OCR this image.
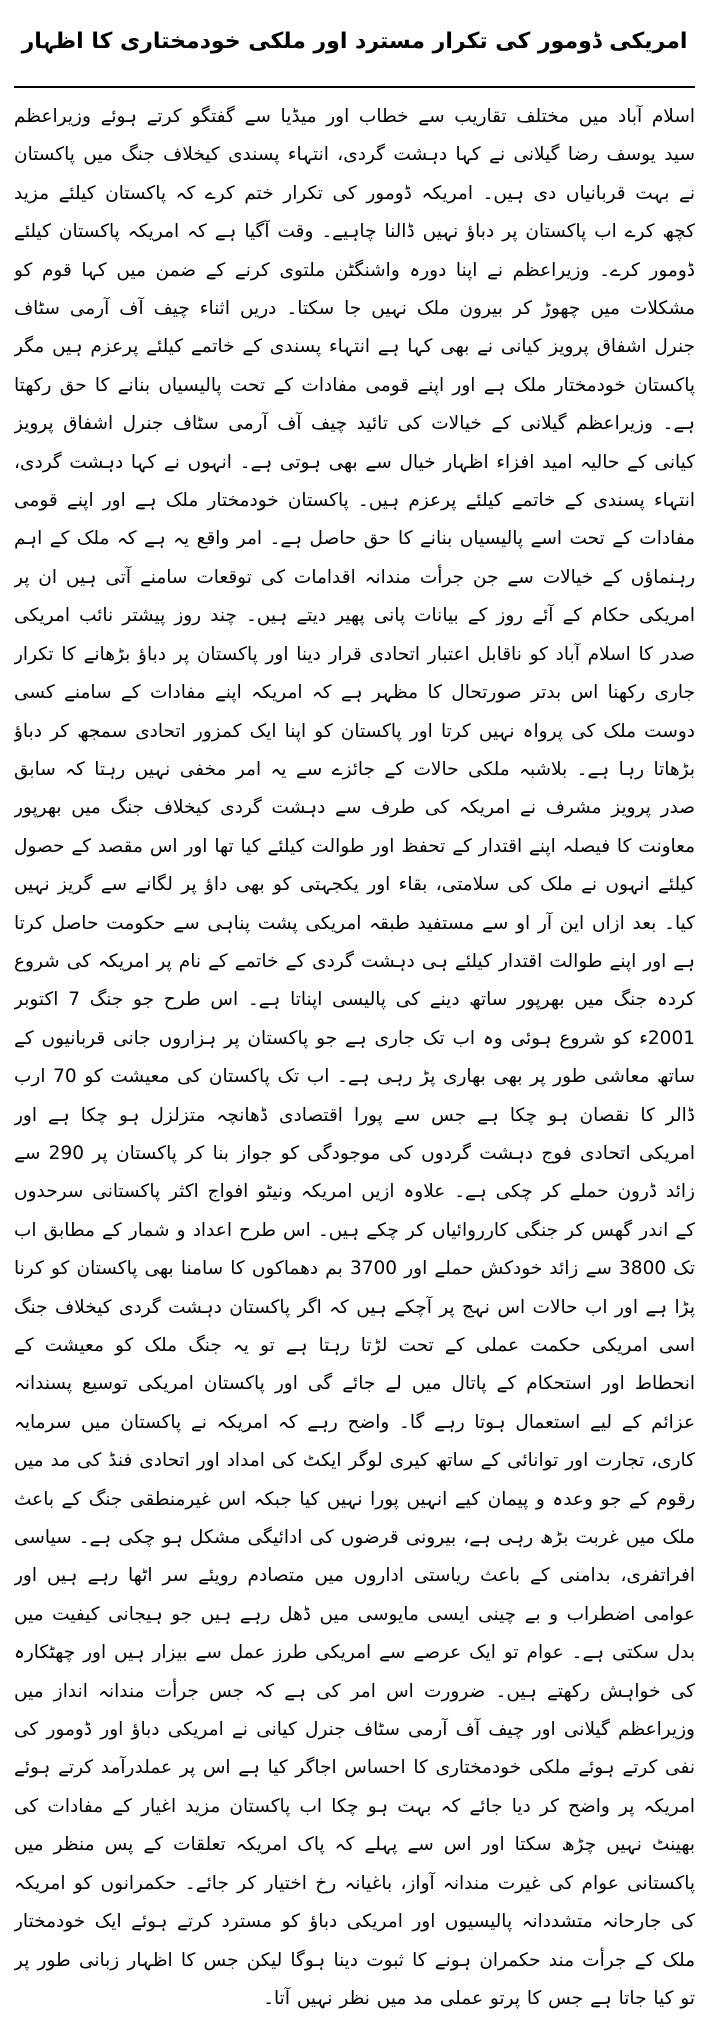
امریکی ڈومور کی تکرار مسترد اور ملکی خودمختاری کا اظہار

اسلام آباد میں مختلف تقاریب سے خطاب اور میڈیا سے گفتگو کرتے ہوئے وزیراعظم سید یوسف رضا گیلانی نے کہا دہشت گردی، انتہاء پسندی کیخلاف جنگ میں پاکستان نے بہت قربانیاں دی ہیں۔ امریکہ ڈومور کی تکرار ختم کرے کہ پاکستان کیلئے مزید کچھ کرے اب پاکستان پر دباؤ نہیں ڈالنا چاہیے۔ وقت آگیا ہے کہ امریکہ پاکستان کیلئے ڈومور کرے۔ وزیراعظم نے اپنا دورہ واشنگٹن ملتوی کرنے کے ضمن میں کہا قوم کو مشکلات میں چھوڑ کر بیرون ملک نہیں جا سکتا۔ دریں اثناء چیف آف آرمی سٹاف جنرل اشفاق پرویز کیانی نے بھی کہا ہے انتہاء پسندی کے خاتمے کیلئے پرعزم ہیں مگر پاکستان خودمختار ملک ہے اور اپنے قومی مفادات کے تحت پالیسیاں بنانے کا حق رکھتا ہے۔ وزیراعظم گیلانی کے خیالات کی تائید چیف آف آرمی سٹاف جنرل اشفاق پرویز کیانی کے حالیہ امید افزاء اظہار خیال سے بھی ہوتی ہے۔ انہوں نے کہا دہشت گردی، انتہاء پسندی کے خاتمے کیلئے پرعزم ہیں۔ پاکستان خودمختار ملک ہے اور اپنے قومی مفادات کے تحت اسے پالیسیاں بنانے کا حق حاصل ہے۔ امر واقع یہ ہے کہ ملک کے اہم رہنماؤں کے خیالات سے جن جرأت مندانہ اقدامات کی توقعات سامنے آتی ہیں ان پر امریکی حکام کے آئے روز کے بیانات پانی پھیر دیتے ہیں۔ چند روز پیشتر نائب امریکی صدر کا اسلام آباد کو ناقابل اعتبار اتحادی قرار دینا اور پاکستان پر دباؤ بڑھانے کا تکرار جاری رکھنا اس بدتر صورتحال کا مظہر ہے کہ امریکہ اپنے مفادات کے سامنے کسی دوست ملک کی پرواہ نہیں کرتا اور پاکستان کو اپنا ایک کمزور اتحادی سمجھ کر دباؤ بڑھاتا رہا ہے۔ بلاشبہ ملکی حالات کے جائزے سے یہ امر مخفی نہیں رہتا کہ سابق صدر پرویز مشرف نے امریکہ کی طرف سے دہشت گردی کیخلاف جنگ میں بھرپور معاونت کا فیصلہ اپنے اقتدار کے تحفظ اور طوالت کیلئے کیا تھا اور اس مقصد کے حصول کیلئے انہوں نے ملک کی سلامتی، بقاء اور یکجہتی کو بھی داؤ پر لگانے سے گریز نہیں کیا۔ بعد ازاں این آر او سے مستفید طبقہ امریکی پشت پناہی سے حکومت حاصل کرتا ہے اور اپنے طوالت اقتدار کیلئے ہی دہشت گردی کے خاتمے کے نام پر امریکہ کی شروع کردہ جنگ میں بھرپور ساتھ دینے کی پالیسی اپناتا ہے۔ اس طرح جو جنگ 7 اکتوبر 2001ء کو شروع ہوئی وہ اب تک جاری ہے جو پاکستان پر ہزاروں جانی قربانیوں کے ساتھ معاشی طور پر بھی بھاری پڑ رہی ہے۔ اب تک پاکستان کی معیشت کو 70 ارب ڈالر کا نقصان ہو چکا ہے جس سے پورا اقتصادی ڈھانچہ متزلزل ہو چکا ہے اور امریکی اتحادی فوج دہشت گردوں کی موجودگی کو جواز بنا کر پاکستان پر 290 سے زائد ڈرون حملے کر چکی ہے۔ علاوہ ازیں امریکہ ونیٹو افواج اکثر پاکستانی سرحدوں کے اندر گھس کر جنگی کارروائیاں کر چکے ہیں۔ اس طرح اعداد و شمار کے مطابق اب تک 3800 سے زائد خودکش حملے اور 3700 بم دھماکوں کا سامنا بھی پاکستان کو کرنا پڑا ہے اور اب حالات اس نہج پر آچکے ہیں کہ اگر پاکستان دہشت گردی کیخلاف جنگ اسی امریکی حکمت عملی کے تحت لڑتا رہتا ہے تو یہ جنگ ملک کو معیشت کے انحطاط اور استحکام کے پاتال میں لے جائے گی اور پاکستان امریکی توسیع پسندانہ عزائم کے لیے استعمال ہوتا رہے گا۔ واضح رہے کہ امریکہ نے پاکستان میں سرمایہ کاری، تجارت اور توانائی کے ساتھ کیری لوگر ایکٹ کی امداد اور اتحادی فنڈ کی مد میں رقوم کے جو وعدہ و پیمان کیے انہیں پورا نہیں کیا جبکہ اس غیرمنطقی جنگ کے باعث ملک میں غربت بڑھ رہی ہے، بیرونی قرضوں کی ادائیگی مشکل ہو چکی ہے۔ سیاسی افراتفری، بدامنی کے باعث ریاستی اداروں میں متصادم رویئے سر اٹھا رہے ہیں اور عوامی اضطراب و بے چینی ایسی مایوسی میں ڈھل رہے ہیں جو ہیجانی کیفیت میں بدل سکتی ہے۔ عوام تو ایک عرصے سے امریکی طرز عمل سے بیزار ہیں اور چھٹکارہ کی خواہش رکھتے ہیں۔ ضرورت اس امر کی ہے کہ جس جرأت مندانہ انداز میں وزیراعظم گیلانی اور چیف آف آرمی سٹاف جنرل کیانی نے امریکی دباؤ اور ڈومور کی نفی کرتے ہوئے ملکی خودمختاری کا احساس اجاگر کیا ہے اس پر عملدرآمد کرتے ہوئے امریکہ پر واضح کر دیا جائے کہ بہت ہو چکا اب پاکستان مزید اغیار کے مفادات کی بھینٹ نہیں چڑھ سکتا اور اس سے پہلے کہ پاک امریکہ تعلقات کے پس منظر میں پاکستانی عوام کی غیرت مندانہ آواز، باغیانہ رخ اختیار کر جائے۔ حکمرانوں کو امریکہ کی جارحانہ متشددانہ پالیسیوں اور امریکی دباؤ کو مسترد کرتے ہوئے ایک خودمختار ملک کے جرأت مند حکمران ہونے کا ثبوت دینا ہوگا لیکن جس کا اظہار زبانی طور پر تو کیا جاتا ہے جس کا پرتو عملی مد میں نظر نہیں آتا۔
